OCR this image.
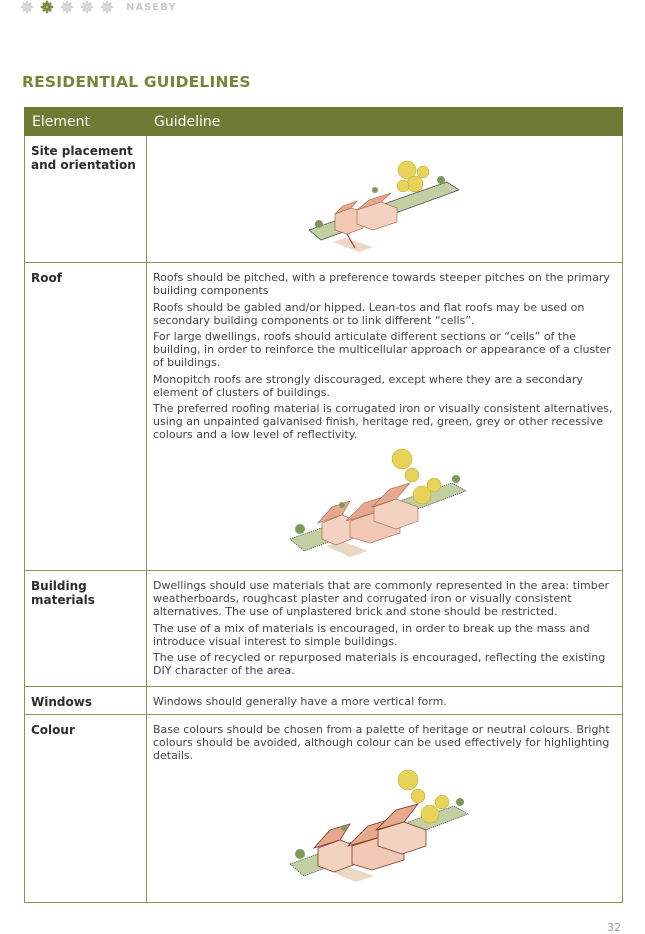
NASEBY
RESIDENTIAL GUIDELINES
Element	Guideline
Site placement and orientation	

Roof	Roofs should be pitched, with a preference towards steeper pitches on the primary building components

Roofs should be gabled and/or hipped. Lean-tos and flat roofs may be used on secondary building components or to link different “cells”.

For large dwellings, roofs should articulate different sections or “cells” of the building, in order to reinforce the multicellular approach or appearance of a cluster of buildings.

Monopitch roofs are strongly discouraged, except where they are a secondary element of clusters of buildings.

The preferred roofing material is corrugated iron or visually consistent alternatives, using an unpainted galvanised finish, heritage red, green, grey or other recessive colours and a low level of reflectivity.

Building materials	Dwellings should use materials that are commonly represented in the area: timber weatherboards, roughcast plaster and corrugated iron or visually consistent alternatives. The use of unplastered brick and stone should be restricted.

The use of a mix of materials is encouraged, in order to break up the mass and introduce visual interest to simple buildings.

The use of recycled or repurposed materials is encouraged, reflecting the existing DIY character of the area.

Windows	Windows should generally have a more vertical form.

Colour	Base colours should be chosen from a palette of heritage or neutral colours. Bright colours should be avoided, although colour can be used effectively for highlighting details.

32
